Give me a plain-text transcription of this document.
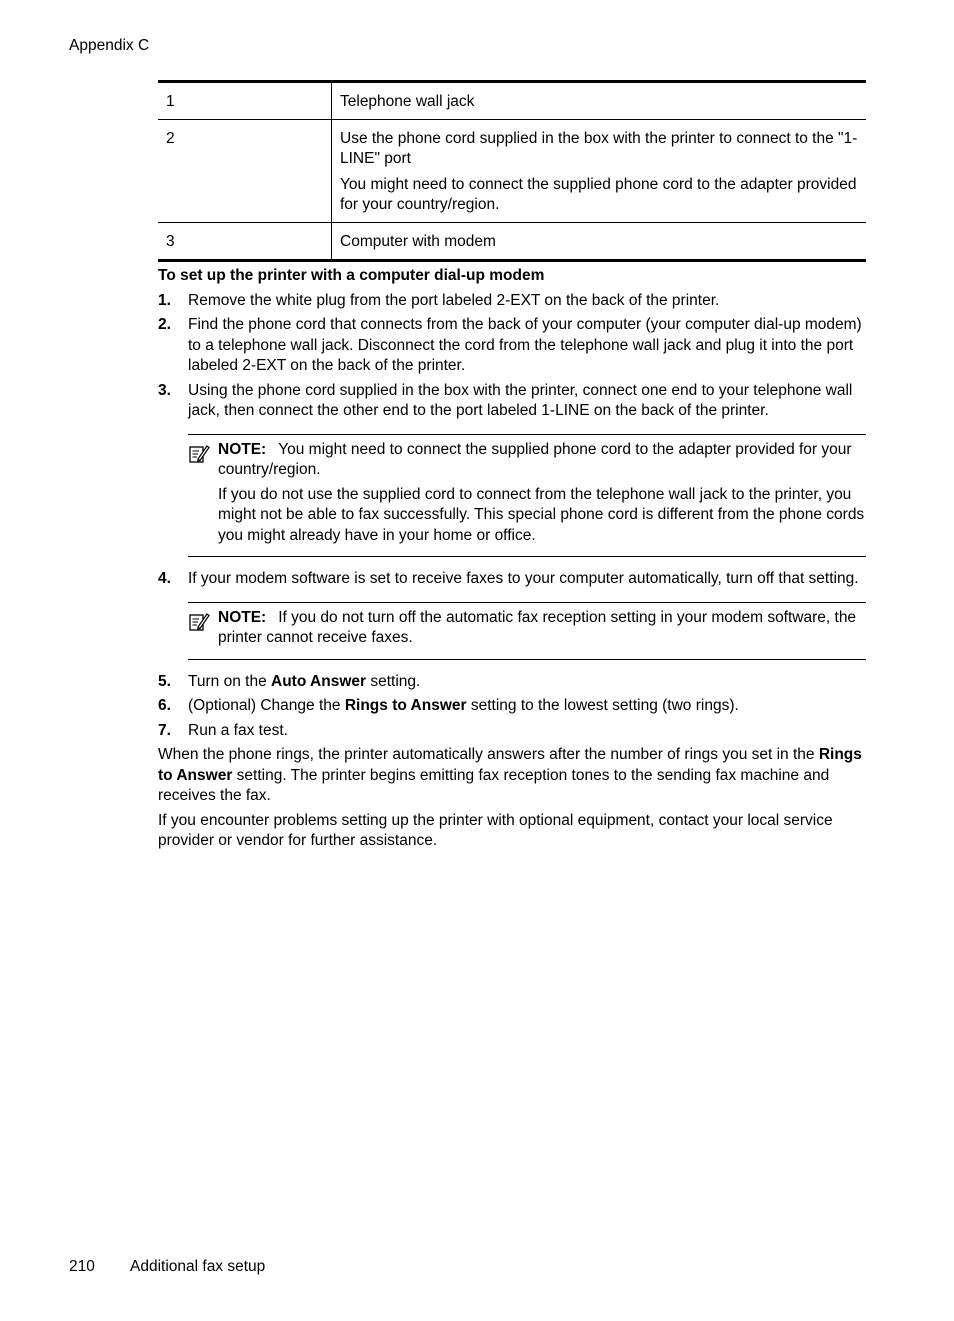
Appendix C
1	Telephone wall jack

2	Use the phone cord supplied in the box with the printer to connect to the "1-LINE" port
You might need to connect the supplied phone cord to the adapter provided for your country/region.

3	Computer with modem
To set up the printer with a computer dial-up modem
1. Remove the white plug from the port labeled 2-EXT on the back of the printer.
2. Find the phone cord that connects from the back of your computer (your computer dial-up modem) to a telephone wall jack. Disconnect the cord from the telephone wall jack and plug it into the port labeled 2-EXT on the back of the printer.
3. Using the phone cord supplied in the box with the printer, connect one end to your telephone wall jack, then connect the other end to the port labeled 1-LINE on the back of the printer.
NOTE: You might need to connect the supplied phone cord to the adapter provided for your country/region.
If you do not use the supplied cord to connect from the telephone wall jack to the printer, you might not be able to fax successfully. This special phone cord is different from the phone cords you might already have in your home or office.
4. If your modem software is set to receive faxes to your computer automatically, turn off that setting.
NOTE: If you do not turn off the automatic fax reception setting in your modem software, the printer cannot receive faxes.
5. Turn on the Auto Answer setting.
6. (Optional) Change the Rings to Answer setting to the lowest setting (two rings).
7. Run a fax test.

When the phone rings, the printer automatically answers after the number of rings you set in the Rings to Answer setting. The printer begins emitting fax reception tones to the sending fax machine and receives the fax.

If you encounter problems setting up the printer with optional equipment, contact your local service provider or vendor for further assistance.

210 Additional fax setup
